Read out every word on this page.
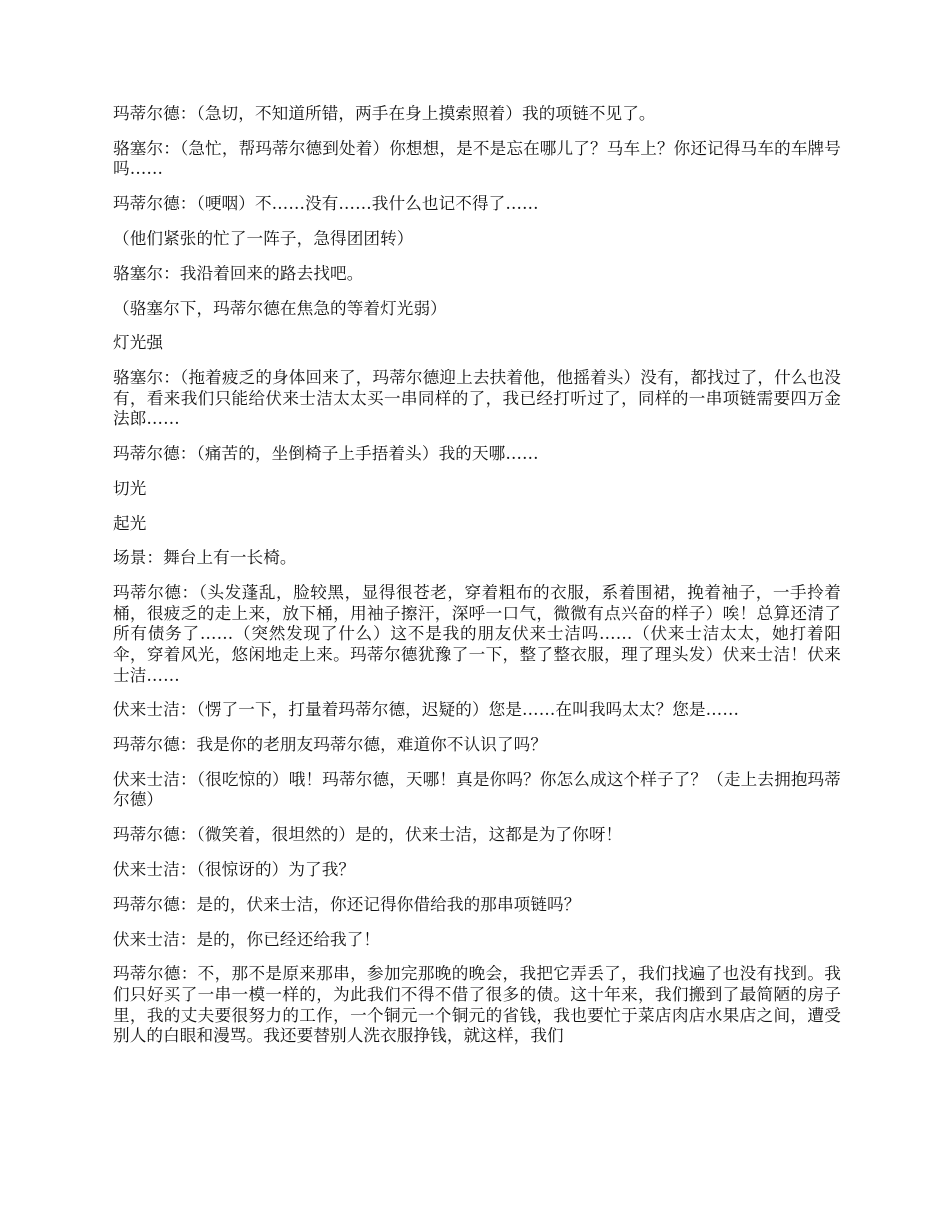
玛蒂尔德：（急切，不知道所错，两手在身上摸索照着）我的项链不见了。

骆塞尔：（急忙，帮玛蒂尔德到处着）你想想，是不是忘在哪儿了？马车上？你还记得马车的车牌号吗……

玛蒂尔德：（哽咽）不……没有……我什么也记不得了……

（他们紧张的忙了一阵子，急得团团转）

骆塞尔：我沿着回来的路去找吧。

（骆塞尔下，玛蒂尔德在焦急的等着灯光弱）

灯光强

骆塞尔：（拖着疲乏的身体回来了，玛蒂尔德迎上去扶着他，他摇着头）没有，都找过了，什么也没有，看来我们只能给伏来士洁太太买一串同样的了，我已经打听过了，同样的一串项链需要四万金法郎……

玛蒂尔德：（痛苦的，坐倒椅子上手捂着头）我的天哪……

切光

起光

场景：舞台上有一长椅。

玛蒂尔德：（头发蓬乱，脸较黑，显得很苍老，穿着粗布的衣服，系着围裙，挽着袖子，一手拎着桶，很疲乏的走上来，放下桶，用袖子擦汗，深呼一口气，微微有点兴奋的样子）唉！总算还清了所有债务了……（突然发现了什么）这不是我的朋友伏来士洁吗……（伏来士洁太太，她打着阳伞，穿着风光，悠闲地走上来。玛蒂尔德犹豫了一下，整了整衣服，理了理头发）伏来士洁！伏来士洁……

伏来士洁：（愣了一下，打量着玛蒂尔德，迟疑的）您是……在叫我吗太太？您是……

玛蒂尔德：我是你的老朋友玛蒂尔德，难道你不认识了吗？

伏来士洁：（很吃惊的）哦！玛蒂尔德，天哪！真是你吗？你怎么成这个样子了？（走上去拥抱玛蒂尔德）

玛蒂尔德：（微笑着，很坦然的）是的，伏来士洁，这都是为了你呀！

伏来士洁：（很惊讶的）为了我？

玛蒂尔德：是的，伏来士洁，你还记得你借给我的那串项链吗？

伏来士洁：是的，你已经还给我了！

玛蒂尔德：不，那不是原来那串，参加完那晚的晚会，我把它弄丢了，我们找遍了也没有找到。我们只好买了一串一模一样的，为此我们不得不借了很多的债。这十年来，我们搬到了最简陋的房子里，我的丈夫要很努力的工作，一个铜元一个铜元的省钱，我也要忙于菜店肉店水果店之间，遭受别人的白眼和漫骂。我还要替别人洗衣服挣钱，就这样，我们
